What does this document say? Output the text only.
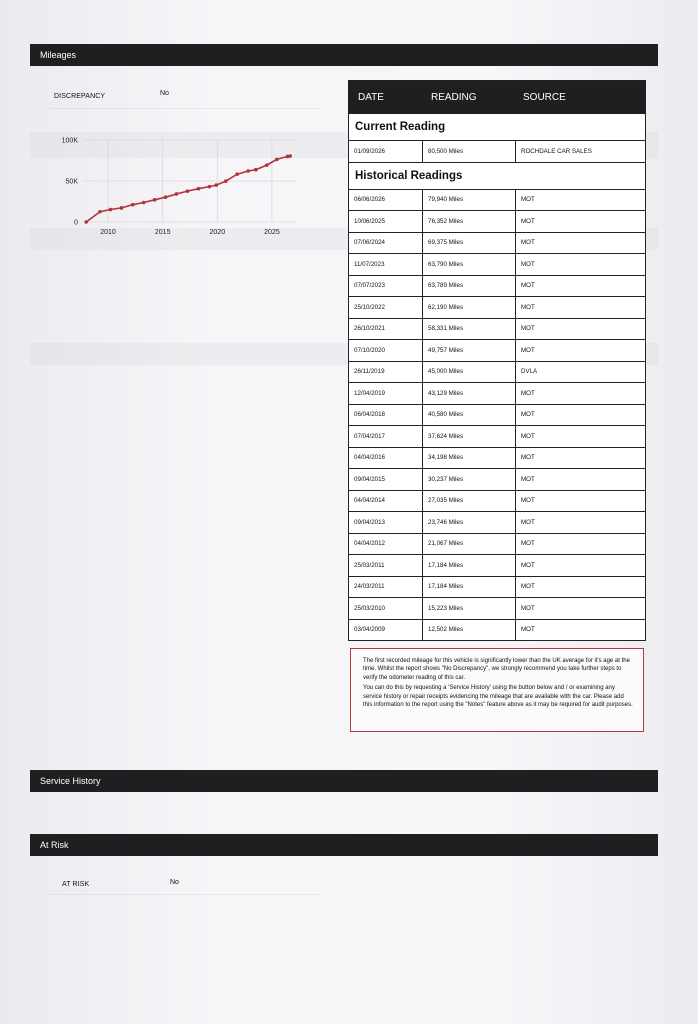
Mileages
DISCREPANCY	No
0
50K
100K
2010	2015	2020	2025
DATE	READING	SOURCE
Current Reading
01/09/2026	80,500 Miles	ROCHDALE CAR SALES
Historical Readings
06/06/2026	79,940 Miles	MOT
10/06/2025	76,352 Miles	MOT
07/06/2024	69,375 Miles	MOT
11/07/2023	63,790 Miles	MOT
07/07/2023	63,789 Miles	MOT
25/10/2022	62,190 Miles	MOT
26/10/2021	58,331 Miles	MOT
07/10/2020	49,757 Miles	MOT
26/11/2019	45,000 Miles	DVLA
12/04/2019	43,129 Miles	MOT
06/04/2018	40,580 Miles	MOT
07/04/2017	37,624 Miles	MOT
04/04/2016	34,198 Miles	MOT
09/04/2015	30,237 Miles	MOT
04/04/2014	27,035 Miles	MOT
09/04/2013	23,746 Miles	MOT
04/04/2012	21,067 Miles	MOT
25/03/2011	17,184 Miles	MOT
24/03/2011	17,184 Miles	MOT
25/03/2010	15,223 Miles	MOT
03/04/2009	12,502 Miles	MOT

The first recorded mileage for this vehicle is significantly lower than the UK average for it's age at the time. Whilst the report shows "No Discrepancy", we strongly recommend you take further steps to verify the odometer reading of this car.

You can do this by requesting a 'Service History' using the button below and / or examining any service history or repair receipts evidencing the mileage that are available with the car. Please add this information to the report using the "Notes" feature above as it may be required for audit purposes.

Service History
At Risk
AT RISK	No
